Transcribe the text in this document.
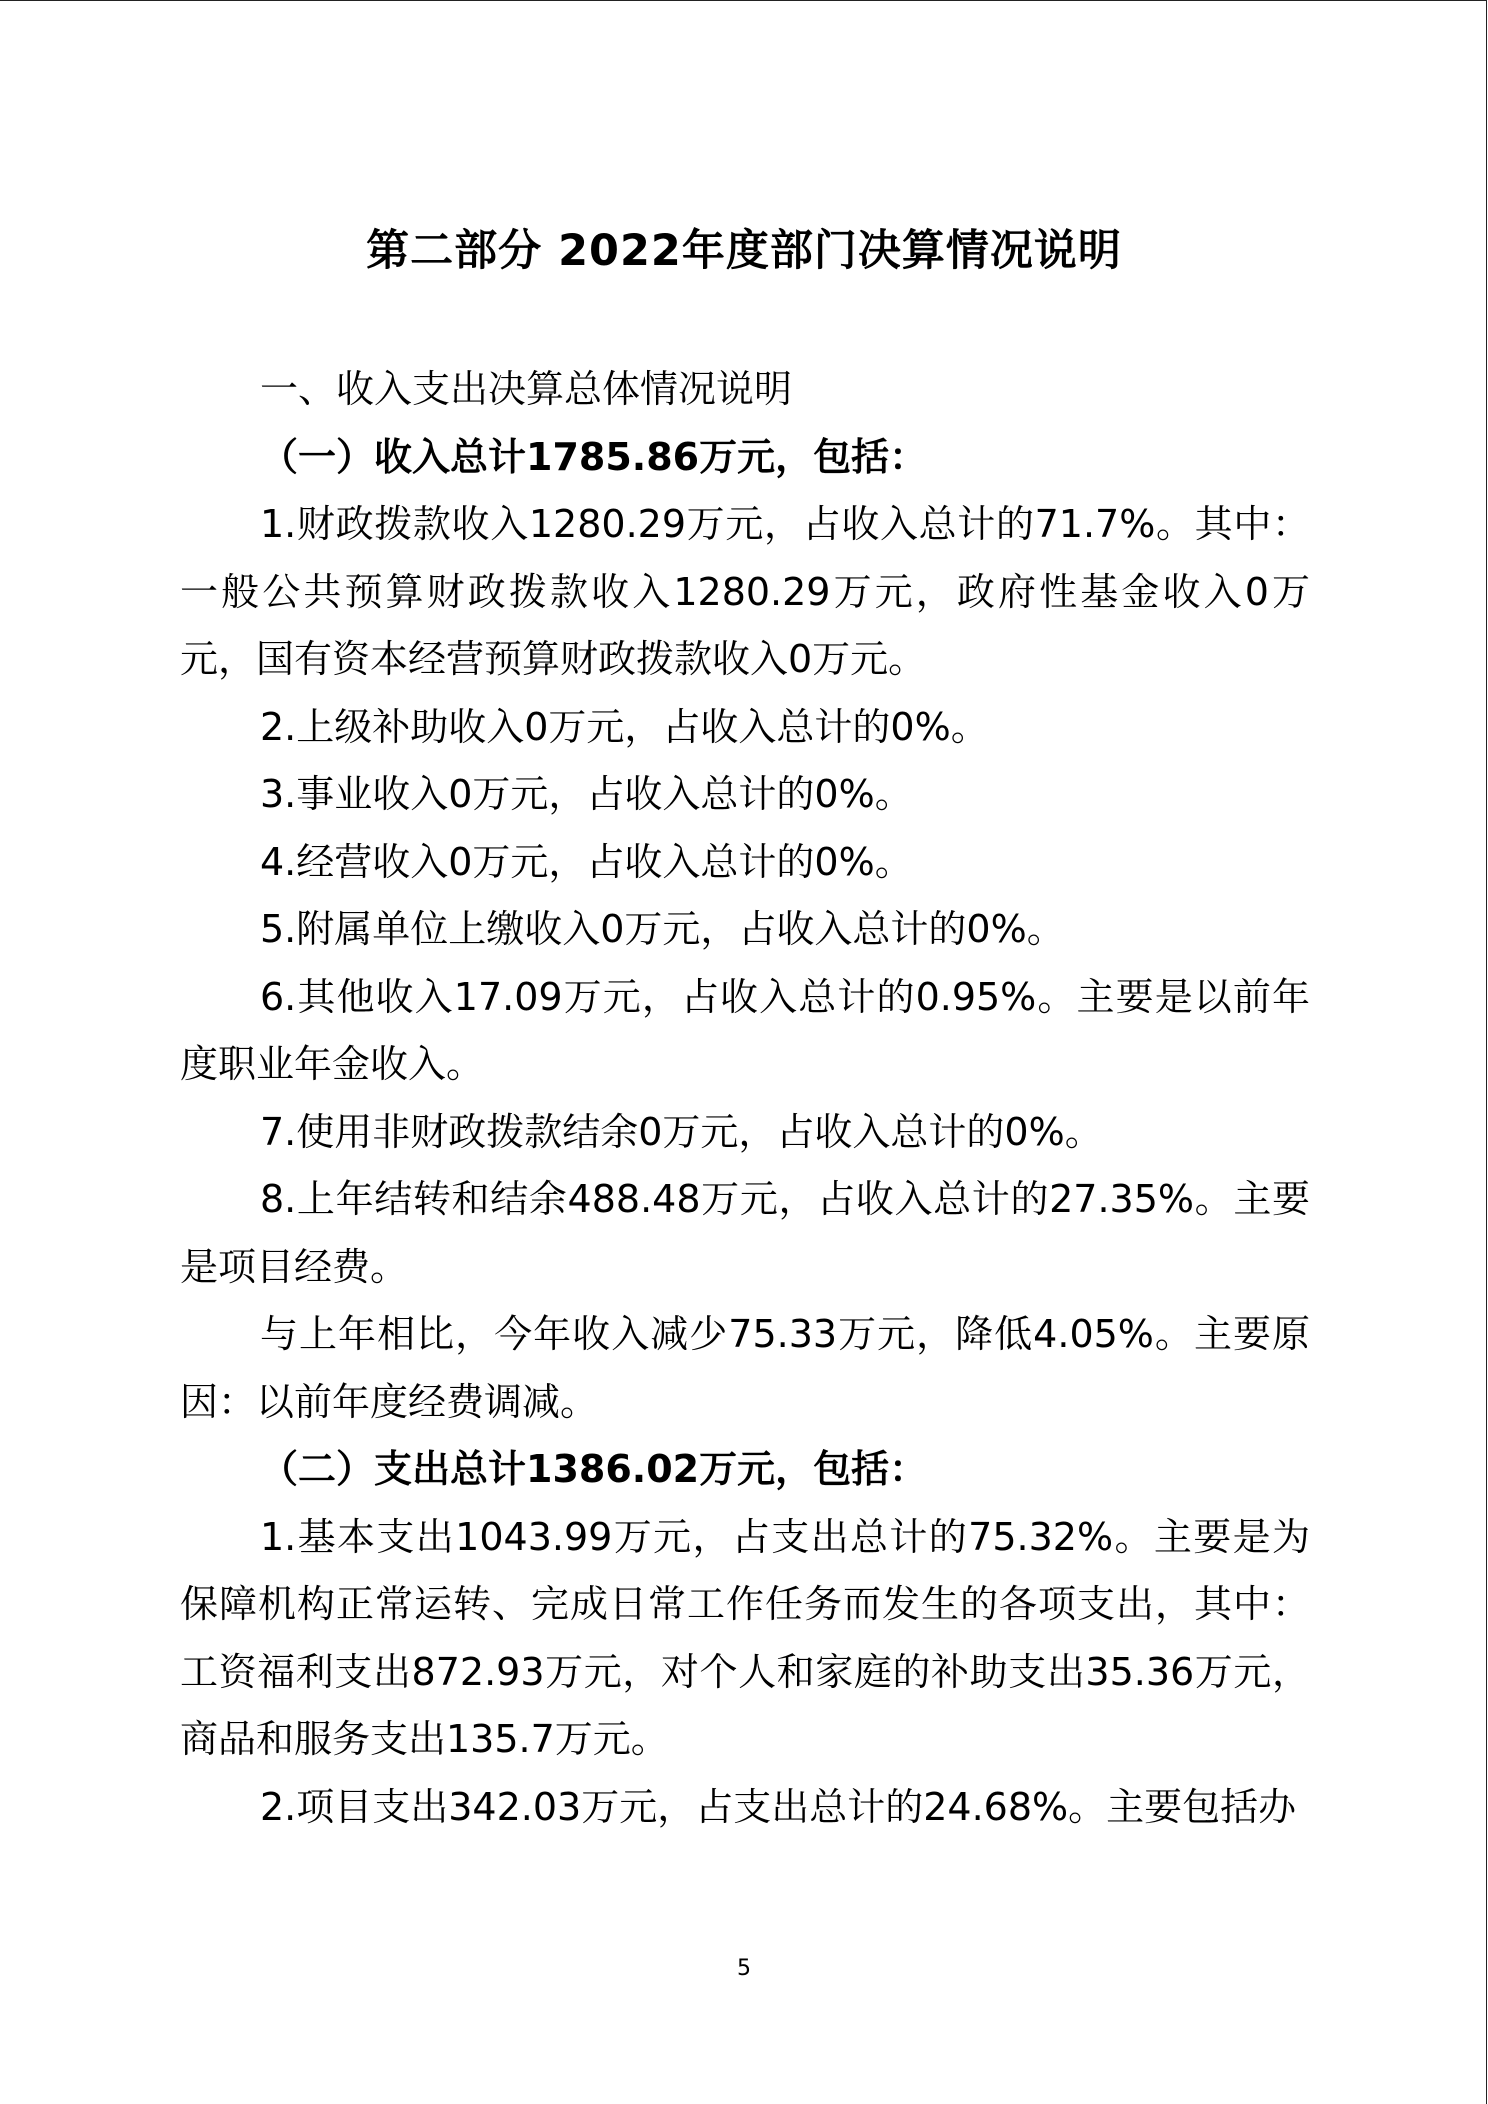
第二部分 2022年度部门决算情况说明

一、收入支出决算总体情况说明

（一）收入总计1785.86万元，包括：

1.财政拨款收入1280.29万元，占收入总计的71.7%。其中：一般公共预算财政拨款收入1280.29万元，政府性基金收入0万元，国有资本经营预算财政拨款收入0万元。

2.上级补助收入0万元，占收入总计的0%。

3.事业收入0万元，占收入总计的0%。

4.经营收入0万元，占收入总计的0%。

5.附属单位上缴收入0万元，占收入总计的0%。

6.其他收入17.09万元，占收入总计的0.95%。主要是以前年度职业年金收入。

7.使用非财政拨款结余0万元，占收入总计的0%。

8.上年结转和结余488.48万元，占收入总计的27.35%。主要是项目经费。

与上年相比，今年收入减少75.33万元，降低4.05%。主要原因：以前年度经费调减。

（二）支出总计1386.02万元，包括：

1.基本支出1043.99万元，占支出总计的75.32%。主要是为保障机构正常运转、完成日常工作任务而发生的各项支出，其中：工资福利支出872.93万元，对个人和家庭的补助支出35.36万元，商品和服务支出135.7万元。

2.项目支出342.03万元，占支出总计的24.68%。主要包括办

5
